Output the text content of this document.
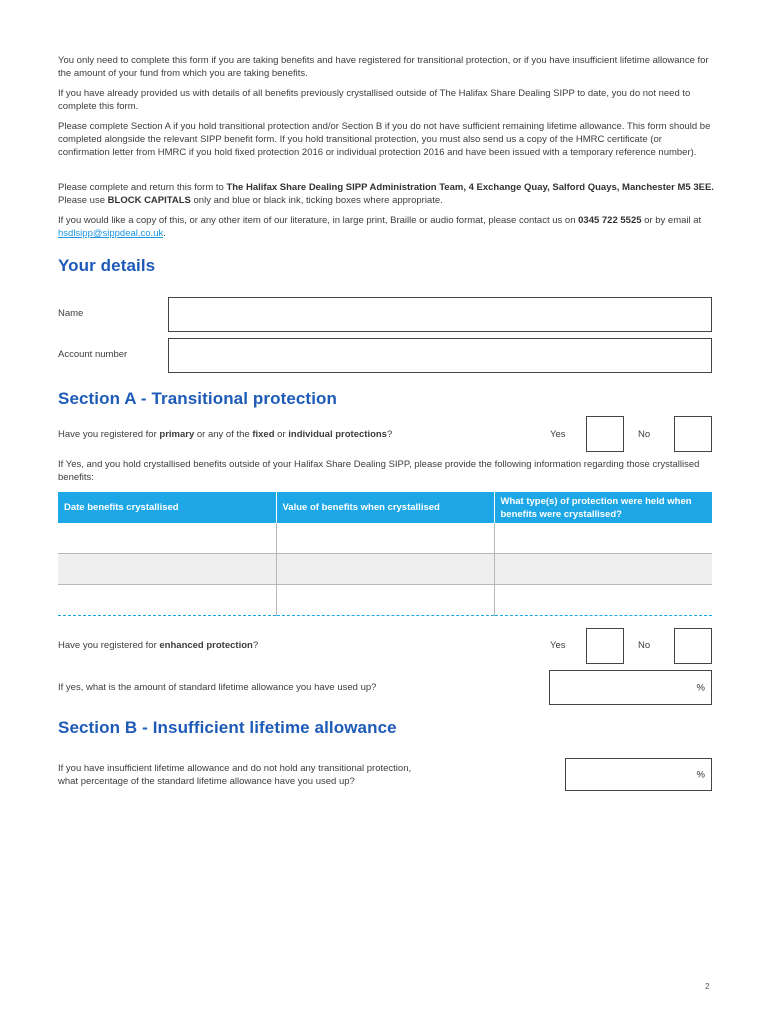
You only need to complete this form if you are taking benefits and have registered for transitional protection, or if you have insufficient lifetime allowance for the amount of your fund from which you are taking benefits.

If you have already provided us with details of all benefits previously crystallised outside of The Halifax Share Dealing SIPP to date, you do not need to complete this form.

Please complete Section A if you hold transitional protection and/or Section B if you do not have sufficient remaining lifetime allowance. This form should be completed alongside the relevant SIPP benefit form. If you hold transitional protection, you must also send us a copy of the HMRC certificate (or confirmation letter from HMRC if you hold fixed protection 2016 or individual protection 2016 and have been issued with a temporary reference number).

Please complete and return this form to The Halifax Share Dealing SIPP Administration Team, 4 Exchange Quay, Salford Quays, Manchester M5 3EE. Please use BLOCK CAPITALS only and blue or black ink, ticking boxes where appropriate.

If you would like a copy of this, or any other item of our literature, in large print, Braille or audio format, please contact us on 0345 722 5525 or by email at hsdlsipp@sippdeal.co.uk.

Your details
Name
Account number
Section A - Transitional protection
Have you registered for primary or any of the fixed or individual protections?	Yes	No

If Yes, and you hold crystallised benefits outside of your Halifax Share Dealing SIPP, please provide the following information regarding those crystallised benefits:

Date benefits crystallised	Value of benefits when crystallised	What type(s) of protection were held when benefits were crystallised?

Have you registered for enhanced protection?	Yes	No
If yes, what is the amount of standard lifetime allowance you have used up?	%
Section B - Insufficient lifetime allowance

If you have insufficient lifetime allowance and do not hold any transitional protection, what percentage of the standard lifetime allowance have you used up?

%
2
